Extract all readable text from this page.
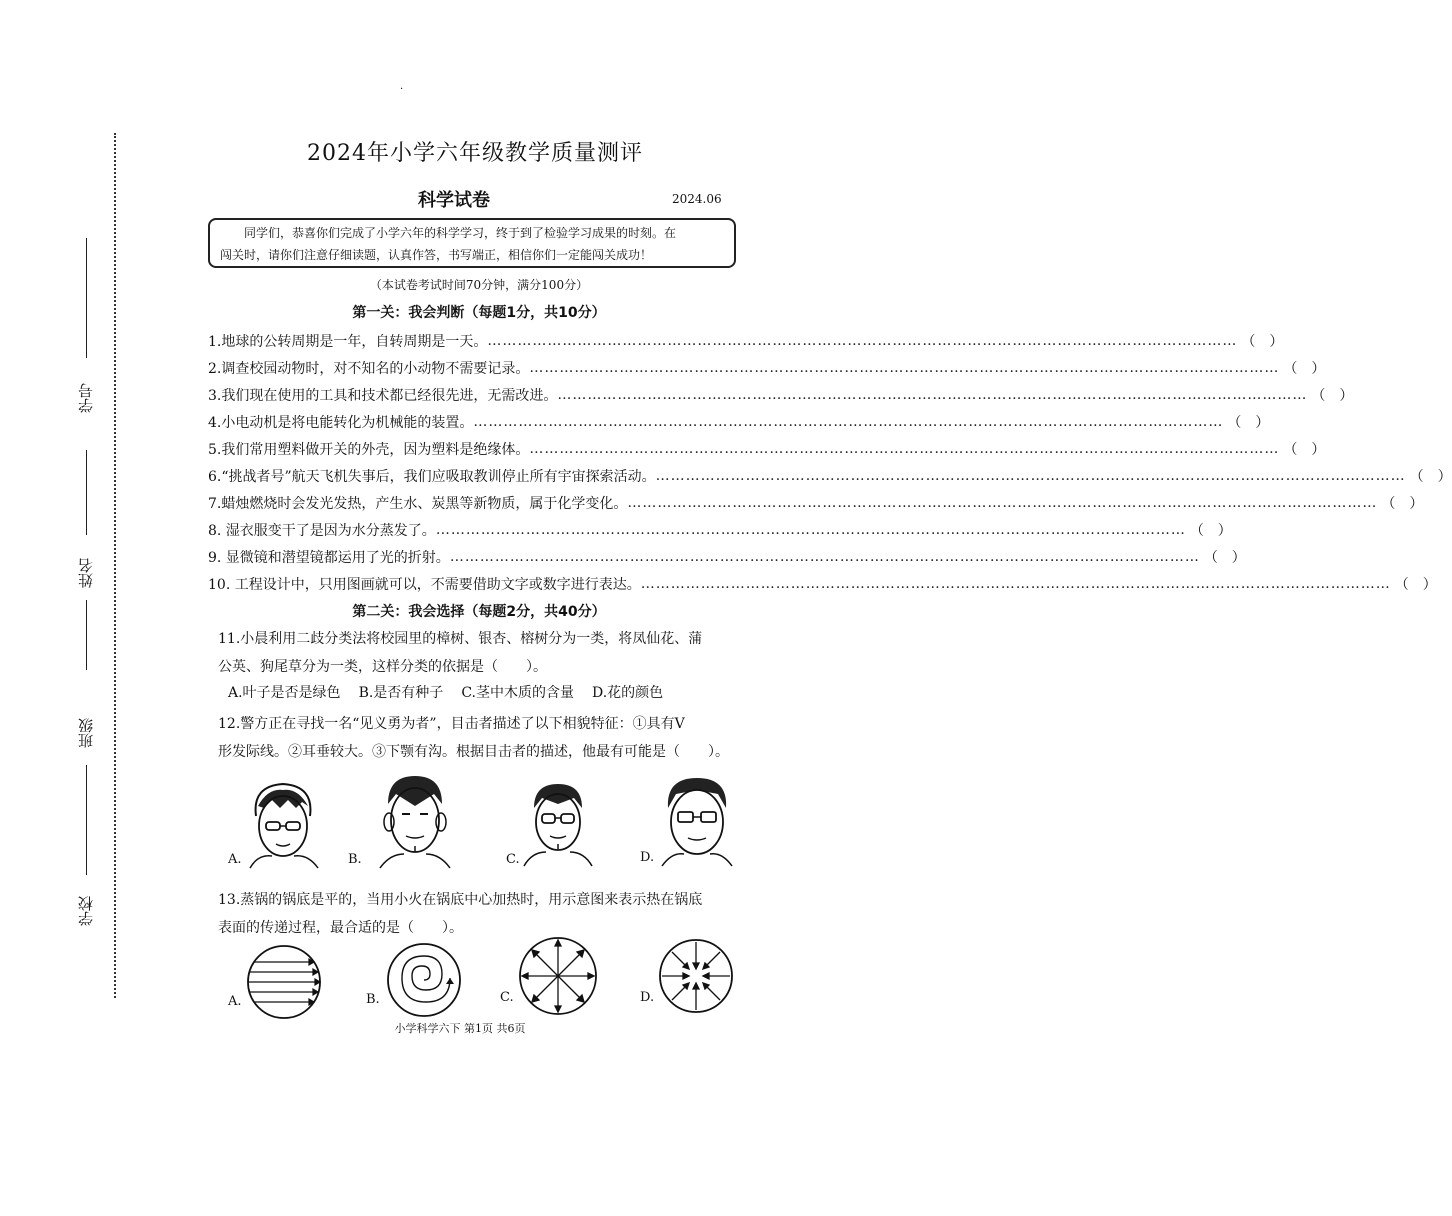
·
学号
姓名
班级
学校
2024年小学六年级教学质量测评
科学试卷	2024.06
同学们，恭喜你们完成了小学六年的科学学习，终于到了检验学习成果的时刻。在
闯关时，请你们注意仔细读题，认真作答，书写端正，相信你们一定能闯关成功！
（本试卷考试时间70分钟，满分100分）
第一关：我会判断（每题1分，共10分）
1.地球的公转周期是一年，自转周期是一天。 ……………………………………………………………………………………………………………………………………	（　）
2.调查校园动物时，对不知名的小动物不需要记录。 ……………………………………………………………………………………………………………………………………	（　）
3.我们现在使用的工具和技术都已经很先进，无需改进。 ……………………………………………………………………………………………………………………………………	（　）
4.小电动机是将电能转化为机械能的装置。 ……………………………………………………………………………………………………………………………………	（　）
5.我们常用塑料做开关的外壳，因为塑料是绝缘体。 ……………………………………………………………………………………………………………………………………	（　）
6.“挑战者号”航天飞机失事后，我们应吸取教训停止所有宇宙探索活动。 ……………………………………………………………………………………………………………………………………	（　）
7.蜡烛燃烧时会发光发热，产生水、炭黑等新物质，属于化学变化。 ……………………………………………………………………………………………………………………………………	（　）
8. 湿衣服变干了是因为水分蒸发了。 ……………………………………………………………………………………………………………………………………	（　）
9. 显微镜和潜望镜都运用了光的折射。 ……………………………………………………………………………………………………………………………………	（　）
10. 工程设计中，只用图画就可以，不需要借助文字或数字进行表达。 ……………………………………………………………………………………………………………………………………	（　）
第二关：我会选择（每题2分，共40分）
11.小晨利用二歧分类法将校园里的樟树、银杏、榕树分为一类，将凤仙花、蒲
公英、狗尾草分为一类，这样分类的依据是（　　）。
A.叶子是否是绿色 B.是否有种子 C.茎中木质的含量 D.花的颜色
12.警方正在寻找一名“见义勇为者”，目击者描述了以下相貌特征：①具有V
形发际线。②耳垂较大。③下颚有沟。根据目击者的描述，他最有可能是（　　）。
A.	B.	C.	D.
13.蒸锅的锅底是平的，当用小火在锅底中心加热时，用示意图来表示热在锅底
表面的传递过程，最合适的是（　　）。
A.	B.	C.	D.
小学科学六下 第1页 共6页
